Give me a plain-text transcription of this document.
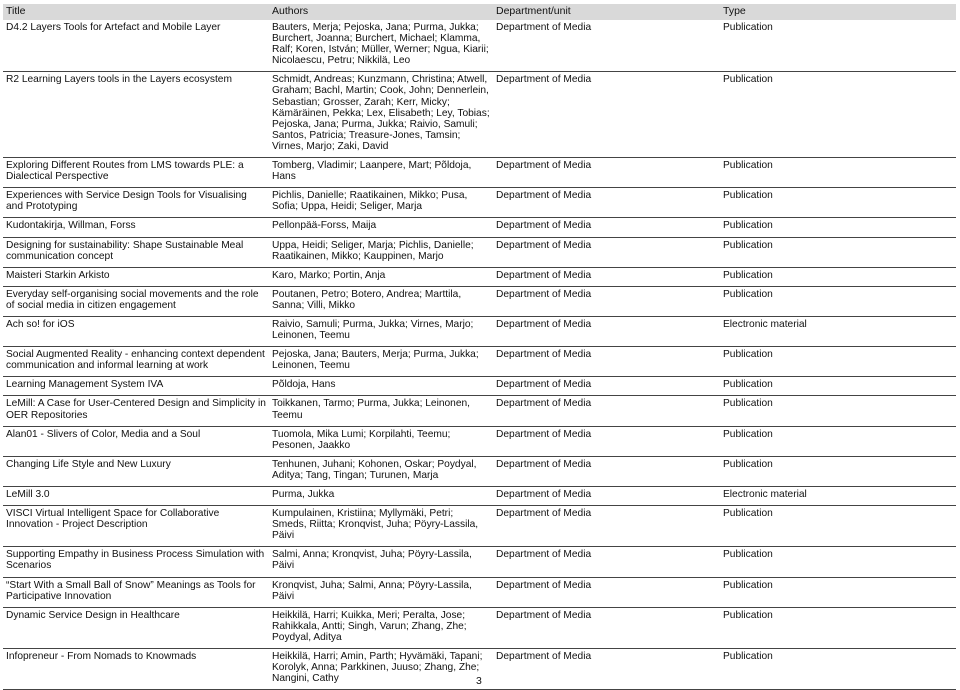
Title	Authors	Department/unit	Type
D4.2 Layers Tools for Artefact and Mobile Layer	Bauters, Merja; Pejoska, Jana; Purma, Jukka; Burchert, Joanna; Burchert, Michael; Klamma, Ralf; Koren, István; Müller, Werner; Ngua, Kiarii; Nicolaescu, Petru; Nikkilä, Leo	Department of Media	Publication
R2 Learning Layers tools in the Layers ecosystem	Schmidt, Andreas; Kunzmann, Christina; Atwell, Graham; Bachl, Martin; Cook, John; Dennerlein, Sebastian; Grosser, Zarah; Kerr, Micky; Kämäräinen, Pekka; Lex, Elisabeth; Ley, Tobias; Pejoska, Jana; Purma, Jukka; Raivio, Samuli; Santos, Patricia; Treasure-Jones, Tamsin; Virnes, Marjo; Zaki, David	Department of Media	Publication
Exploring Different Routes from LMS towards PLE: a Dialectical Perspective	Tomberg, Vladimir; Laanpere, Mart; Põldoja, Hans	Department of Media	Publication
Experiences with Service Design Tools for Visualising and Prototyping	Pichlis, Danielle; Raatikainen, Mikko; Pusa, Sofia; Uppa, Heidi; Seliger, Marja	Department of Media	Publication
Kudontakirja, Willman, Forss	Pellonpää-Forss, Maija	Department of Media	Publication
Designing for sustainability: Shape Sustainable Meal communication concept	Uppa, Heidi; Seliger, Marja; Pichlis, Danielle; Raatikainen, Mikko; Kauppinen, Marjo	Department of Media	Publication
Maisteri Starkin Arkisto	Karo, Marko; Portin, Anja	Department of Media	Publication
Everyday self-organising social movements and the role of social media in citizen engagement	Poutanen, Petro; Botero, Andrea; Marttila, Sanna; Villi, Mikko	Department of Media	Publication
Ach so! for iOS	Raivio, Samuli; Purma, Jukka; Virnes, Marjo; Leinonen, Teemu	Department of Media	Electronic material
Social Augmented Reality - enhancing context dependent communication and informal learning at work	Pejoska, Jana; Bauters, Merja; Purma, Jukka; Leinonen, Teemu	Department of Media	Publication
Learning Management System IVA	Põldoja, Hans	Department of Media	Publication
LeMill: A Case for User-Centered Design and Simplicity in OER Repositories	Toikkanen, Tarmo; Purma, Jukka; Leinonen, Teemu	Department of Media	Publication
Alan01 - Slivers of Color, Media and a Soul	Tuomola, Mika Lumi; Korpilahti, Teemu; Pesonen, Jaakko	Department of Media	Publication
Changing Life Style and New Luxury	Tenhunen, Juhani; Kohonen, Oskar; Poydyal, Aditya; Tang, Tingan; Turunen, Marja	Department of Media	Publication
LeMill 3.0	Purma, Jukka	Department of Media	Electronic material
VISCI Virtual Intelligent Space for Collaborative Innovation - Project Description	Kumpulainen, Kristiina; Myllymäki, Petri; Smeds, Riitta; Kronqvist, Juha; Pöyry-Lassila, Päivi	Department of Media	Publication
Supporting Empathy in Business Process Simulation with Scenarios	Salmi, Anna; Kronqvist, Juha; Pöyry-Lassila, Päivi	Department of Media	Publication
“Start With a Small Ball of Snow” Meanings as Tools for Participative Innovation	Kronqvist, Juha; Salmi, Anna; Pöyry-Lassila, Päivi	Department of Media	Publication
Dynamic Service Design in Healthcare	Heikkilä, Harri; Kuikka, Meri; Peralta, Jose; Rahikkala, Antti; Singh, Varun; Zhang, Zhe; Poydyal, Aditya	Department of Media	Publication
Infopreneur - From Nomads to Knowmads	Heikkilä, Harri; Amin, Parth; Hyvämäki, Tapani; Korolyk, Anna; Parkkinen, Juuso; Zhang, Zhe; Nangini, Cathy	Department of Media	Publication
3
